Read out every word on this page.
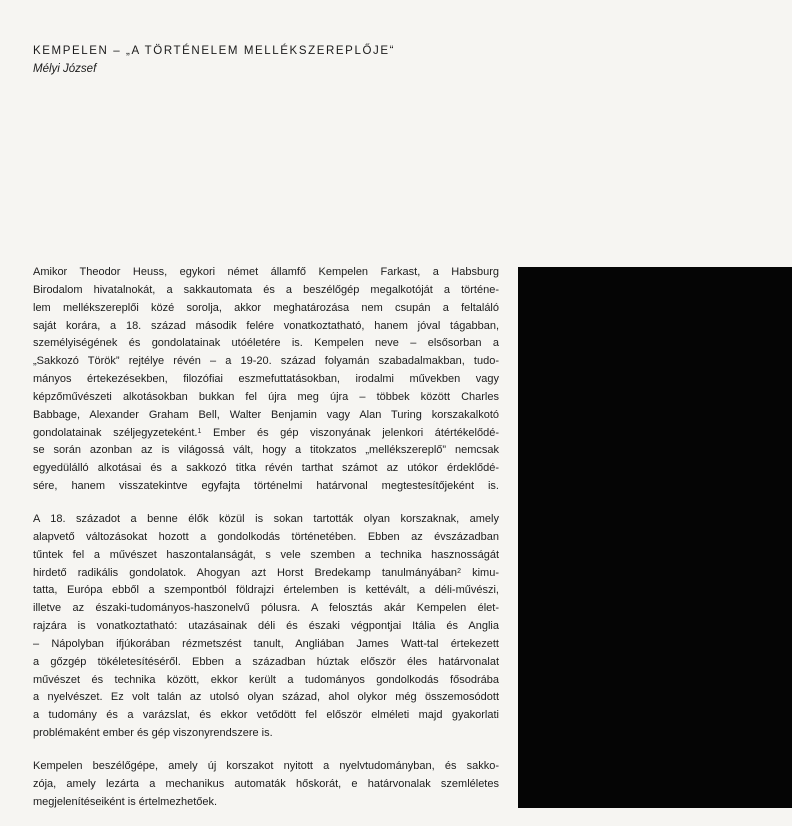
KEMPELEN – „A TÖRTÉNELEM MELLÉKSZEREPLŐJE“
Mélyi József

Amikor Theodor Heuss, egykori német államfő Kempelen Farkast, a Habsburg
Birodalom hivatalnokát, a sakkautomata és a beszélőgép megalkotóját a történe-
lem mellékszereplői közé sorolja, akkor meghatározása nem csupán a feltaláló
saját korára, a 18. század második felére vonatkoztatható, hanem jóval tágabban,
személyiségének és gondolatainak utóéletére is. Kempelen neve – elsősorban a
„Sakkozó Török” rejtélye révén – a 19-20. század folyamán szabadalmakban, tudo-
mányos értekezésekben, filozófiai eszmefuttatásokban, irodalmi művekben vagy
képzőművészeti alkotásokban bukkan fel újra meg újra – többek között Charles
Babbage, Alexander Graham Bell, Walter Benjamin vagy Alan Turing korszakalkotó
gondolatainak széljegyzeteként.$^1$ Ember és gép viszonyának jelenkori átértékelődé-
se során azonban az is világossá vált, hogy a titokzatos „mellékszereplő” nemcsak
egyedülálló alkotásai és a sakkozó titka révén tarthat számot az utókor érdeklődé-
sére, hanem visszatekintve egyfajta történelmi határvonal megtestesítőjeként is.

A 18. századot a benne élők közül is sokan tartották olyan korszaknak, amely
alapvető változásokat hozott a gondolkodás történetében. Ebben az évszázadban
tűntek fel a művészet haszontalanságát, s vele szemben a technika hasznosságát
hirdető radikális gondolatok. Ahogyan azt Horst Bredekamp tanulmányában$^2$ kimu-
tatta, Európa ebből a szempontból földrajzi értelemben is kettévált, a déli-művészi,
illetve az északi-tudományos-haszonelvű pólusra. A felosztás akár Kempelen élet-
rajzára is vonatkoztatható: utazásainak déli és északi végpontjai Itália és Anglia
– Nápolyban ifjúkorában rézmetszést tanult, Angliában James Watt-tal értekezett
a gőzgép tökéletesítéséről. Ebben a században húztak először éles határvonalat
művészet és technika között, ekkor került a tudományos gondolkodás fősodrába
a nyelvészet. Ez volt talán az utolsó olyan század, ahol olykor még összemosódott
a tudomány és a varázslat, és ekkor vetődött fel először elméleti majd gyakorlati
problémaként ember és gép viszonyrendszere is.

Kempelen beszélőgépe, amely új korszakot nyitott a nyelvtudományban, és sakko-
zója, amely lezárta a mechanikus automaták hőskorát, e határvonalak szemléletes
megjelenítéseiként is értelmezhetőek.
